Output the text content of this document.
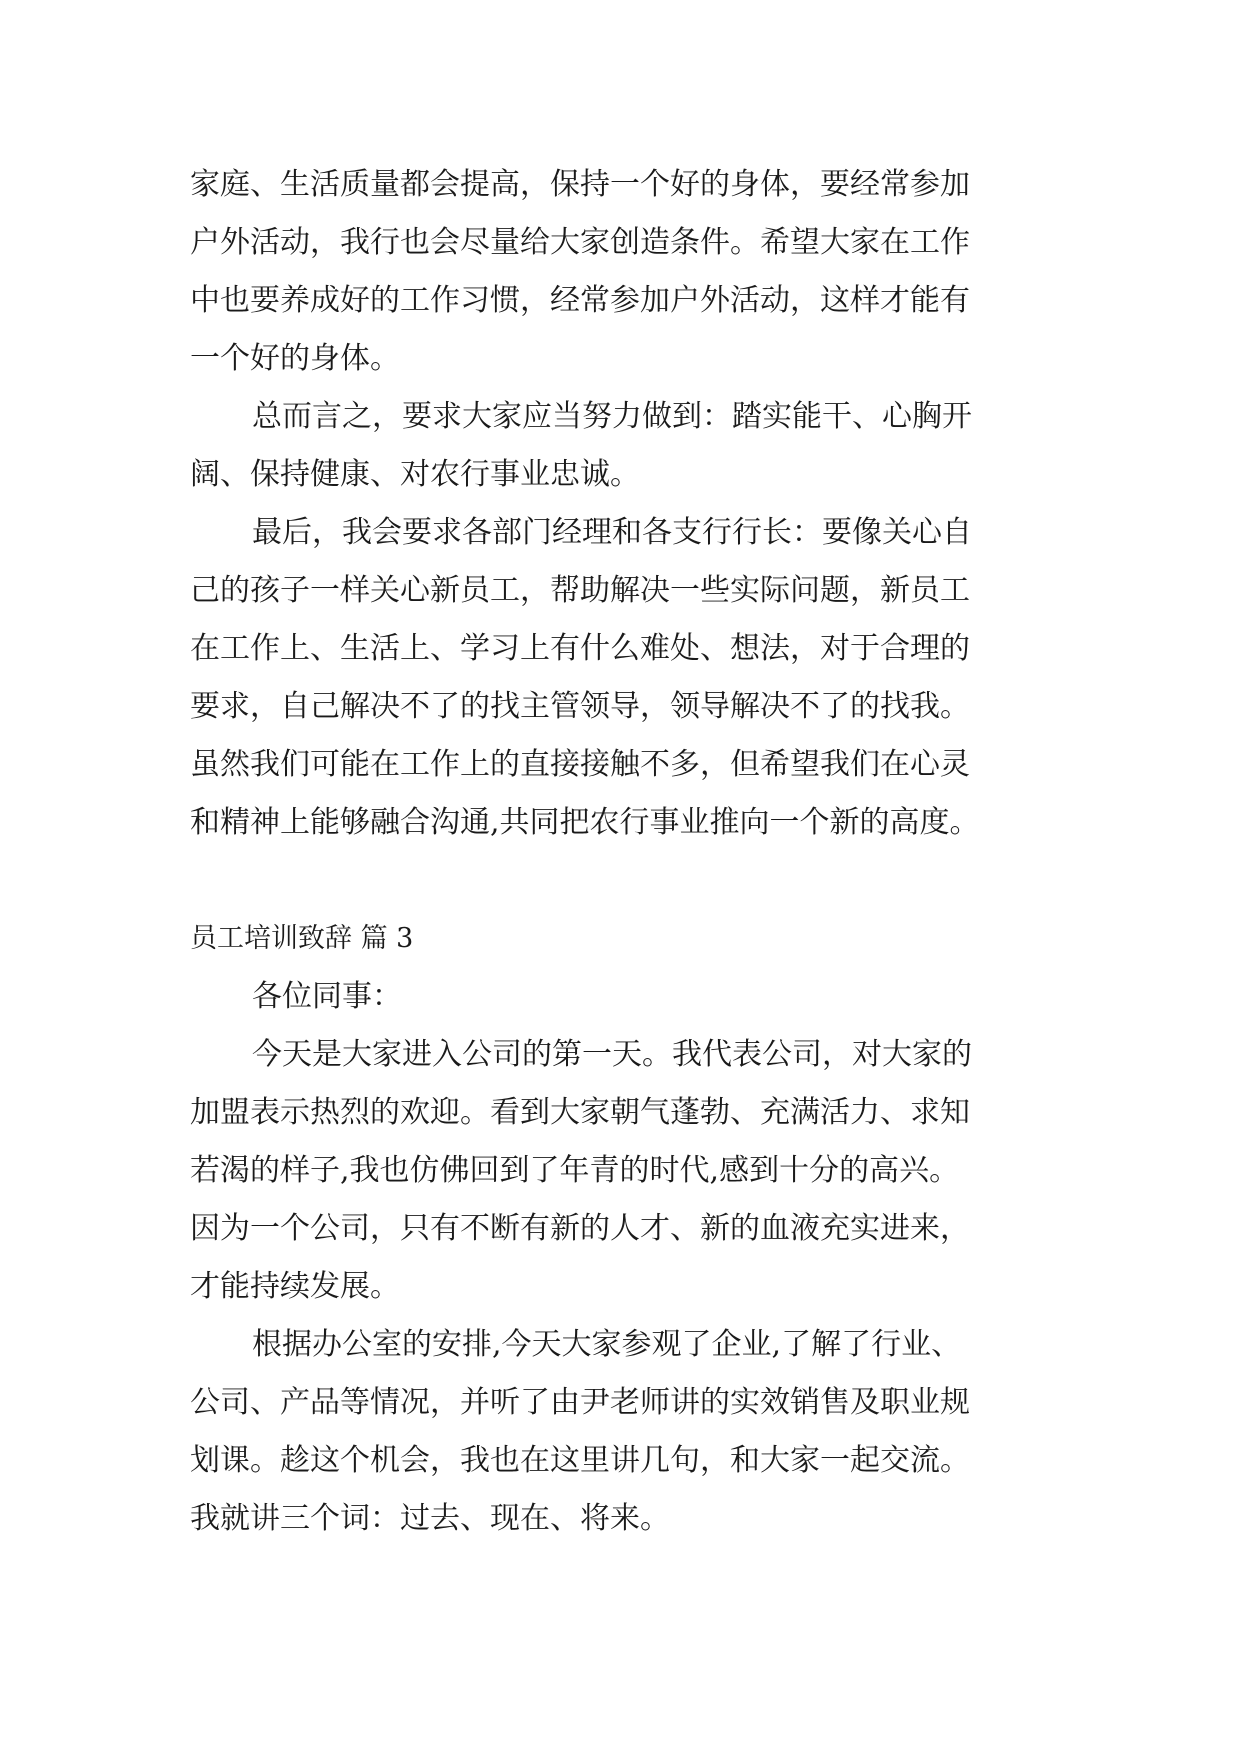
家庭、生活质量都会提高，保持一个好的身体，要经常参加
户外活动，我行也会尽量给大家创造条件。希望大家在工作
中也要养成好的工作习惯，经常参加户外活动，这样才能有
一个好的身体。
总而言之，要求大家应当努力做到：踏实能干、心胸开
阔、保持健康、对农行事业忠诚。
最后，我会要求各部门经理和各支行行长：要像关心自
己的孩子一样关心新员工，帮助解决一些实际问题，新员工
在工作上、生活上、学习上有什么难处、想法，对于合理的
要求，自己解决不了的找主管领导，领导解决不了的找我。
虽然我们可能在工作上的直接接触不多，但希望我们在心灵
和精神上能够融合沟通,共同把农行事业推向一个新的高度。
员工培训致辞 篇 3
各位同事：
今天是大家进入公司的第一天。我代表公司，对大家的
加盟表示热烈的欢迎。看到大家朝气蓬勃、充满活力、求知
若渴的样子,我也仿佛回到了年青的时代,感到十分的高兴。
因为一个公司，只有不断有新的人才、新的血液充实进来，
才能持续发展。
根据办公室的安排,今天大家参观了企业,了解了行业、
公司、产品等情况，并听了由尹老师讲的实效销售及职业规
划课。趁这个机会，我也在这里讲几句，和大家一起交流。
我就讲三个词：过去、现在、将来。
